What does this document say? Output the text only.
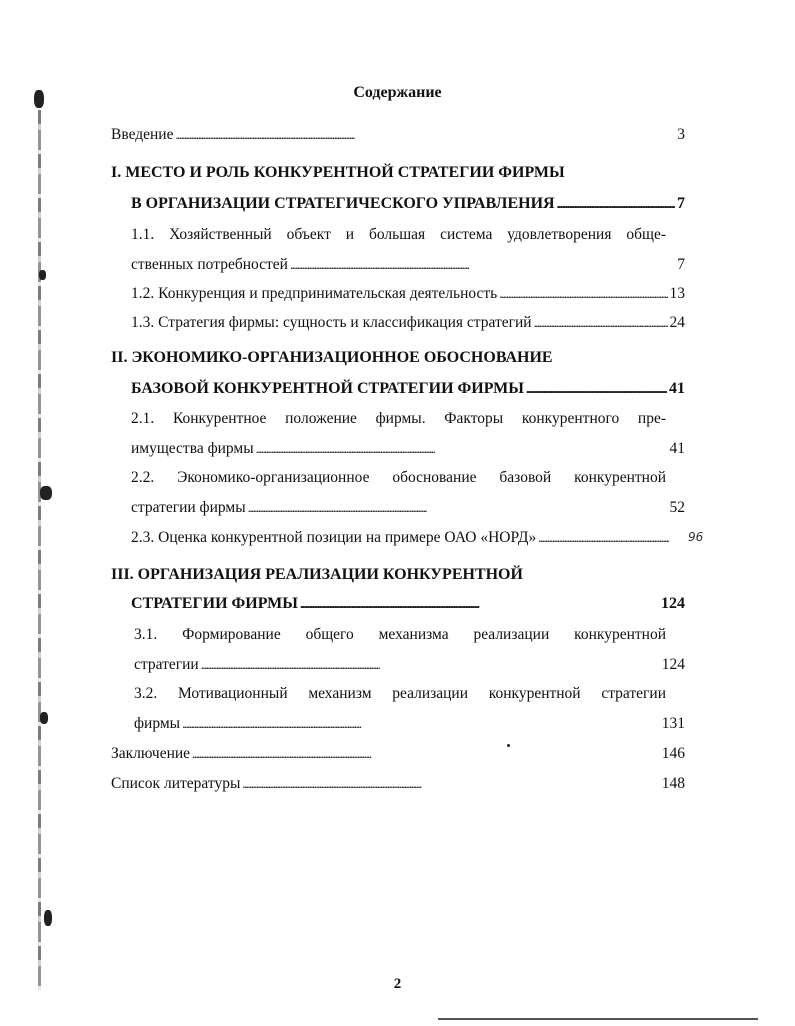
Содержание
Введение . . .	3
I. МЕСТО И РОЛЬ КОНКУРЕНТНОЙ СТРАТЕГИИ ФИРМЫ
В ОРГАНИЗАЦИИ СТРАТЕГИЧЕСКОГО УПРАВЛЕНИЯ . . .	7
1.1. Хозяйственный объект и большая система удовлетворения обще-
ственных потребностей . . .	7
1.2. Конкуренция и предпринимательская деятельность . . .	13
1.3. Стратегия фирмы: сущность и классификация стратегий . . .	24
II. ЭКОНОМИКО-ОРГАНИЗАЦИОННОЕ ОБОСНОВАНИЕ
БАЗОВОЙ КОНКУРЕНТНОЙ СТРАТЕГИИ ФИРМЫ . . .	41
2.1. Конкурентное положение фирмы. Факторы конкурентного пре-
имущества фирмы . . .	41
2.2. Экономико-организационное обоснование базовой конкурентной
стратегии фирмы . . .	52
2.3. Оценка конкурентной позиции на примере ОАО «НОРД» . . .	96
III. ОРГАНИЗАЦИЯ РЕАЛИЗАЦИИ КОНКУРЕНТНОЙ
СТРАТЕГИИ ФИРМЫ . . .	124
3.1. Формирование общего механизма реализации конкурентной
стратегии . . .	124
3.2. Мотивационный механизм реализации конкурентной стратегии
фирмы . . .	131
Заключение . . .	146
Список литературы . . .	148
2
